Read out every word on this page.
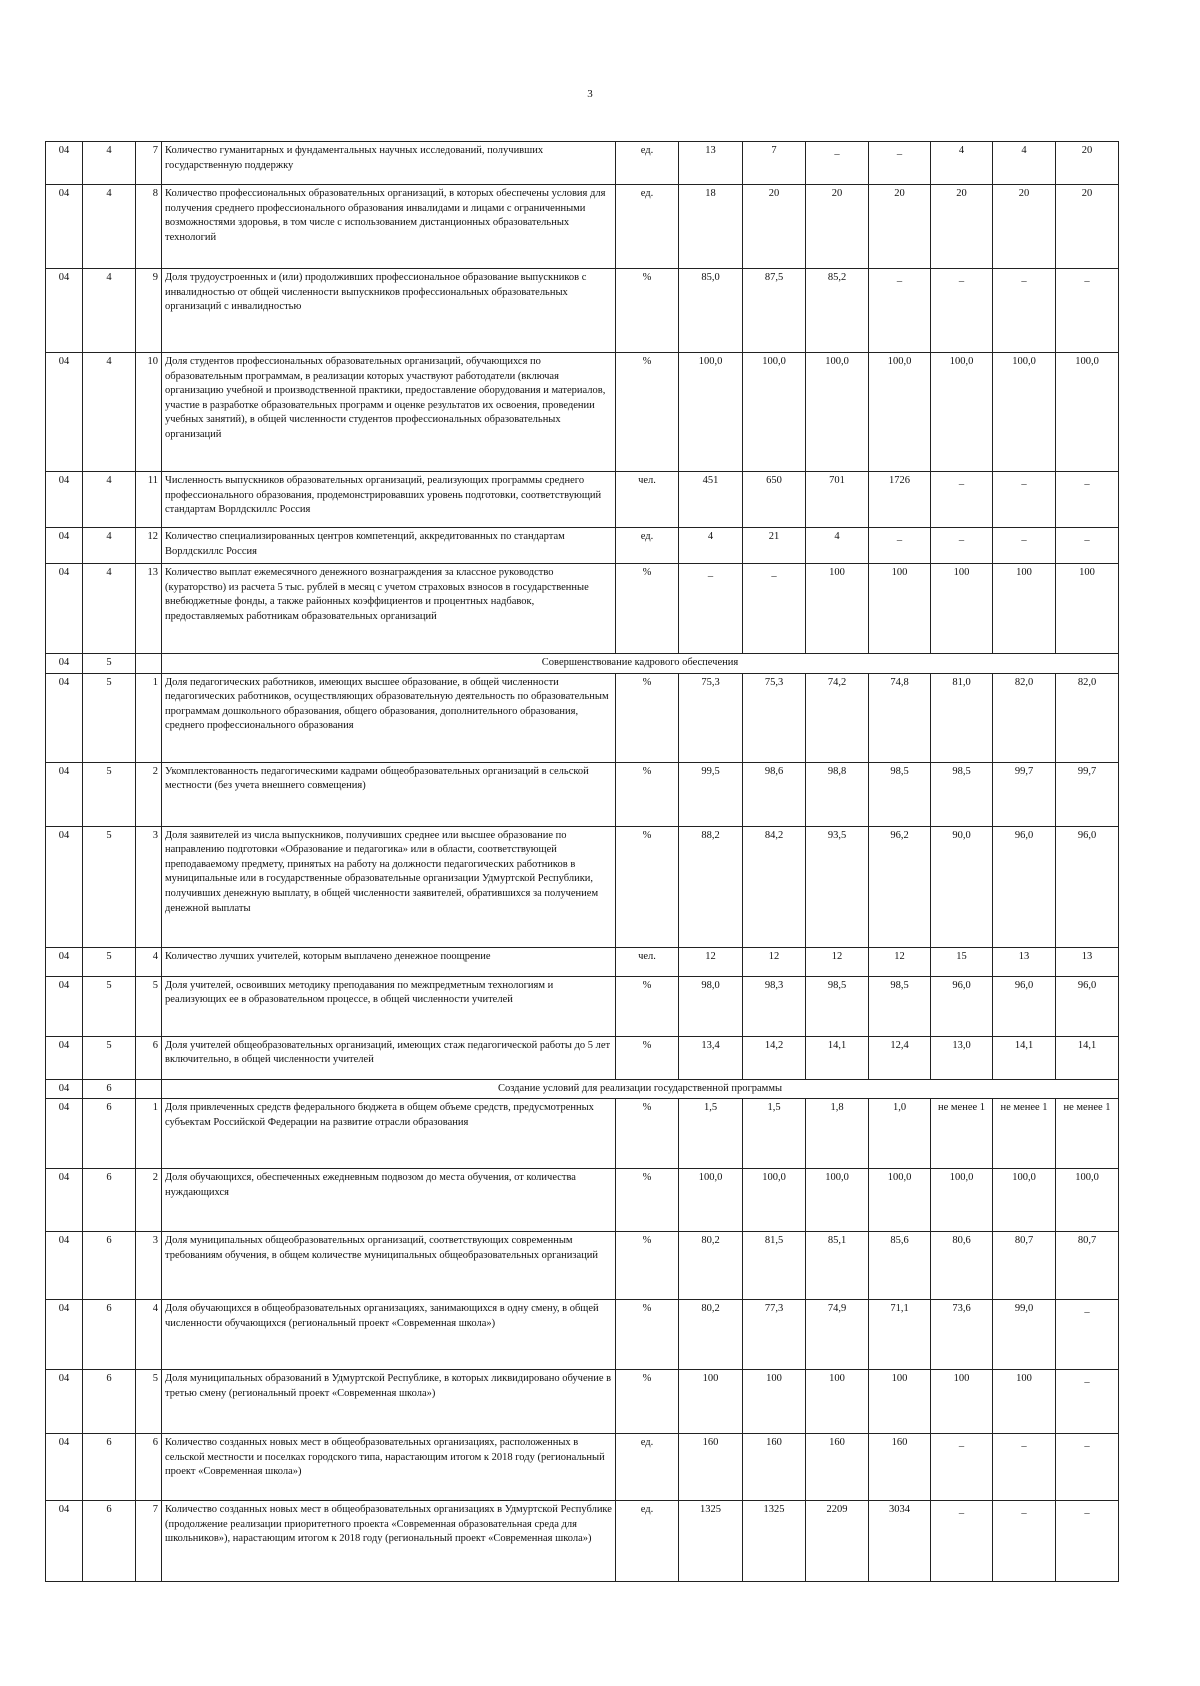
3
04	4	7	Количество гуманитарных и фундаментальных научных исследований, получивших государственную поддержку	ед.	13	7	_	_	4	4	20
04	4	8	Количество профессиональных образовательных организаций, в которых обеспечены условия для получения среднего профессионального образования инвалидами и лицами с ограниченными возможностями здоровья, в том числе с использованием дистанционных образовательных технологий	ед.	18	20	20	20	20	20	20
04	4	9	Доля трудоустроенных и (или) продолживших профессиональное образование выпускников с инвалидностью от общей численности выпускников профессиональных образовательных организаций с инвалидностью	%	85,0	87,5	85,2	_	_	_	_
04	4	10	Доля студентов профессиональных образовательных организаций, обучающихся по образовательным программам, в реализации которых участвуют работодатели (включая организацию учебной и производственной практики, предоставление оборудования и материалов, участие в разработке образовательных программ и оценке результатов их освоения, проведении учебных занятий), в общей численности студентов профессиональных образовательных организаций	%	100,0	100,0	100,0	100,0	100,0	100,0	100,0
04	4	11	Численность выпускников образовательных организаций, реализующих программы среднего профессионального образования, продемонстрировавших уровень подготовки, соответствующий стандартам Ворлдскиллс Россия	чел.	451	650	701	1726	_	_	_
04	4	12	Количество специализированных центров компетенций, аккредитованных по стандартам Ворлдскиллс Россия	ед.	4	21	4	_	_	_	_
04	4	13	Количество выплат ежемесячного денежного вознаграждения за классное руководство (кураторство) из расчета 5 тыс. рублей в месяц с учетом страховых взносов в государственные внебюджетные фонды, а также районных коэффициентов и процентных надбавок, предоставляемых работникам образовательных организаций	%	_	_	100	100	100	100	100
04	5		Совершенствование кадрового обеспечения								
04	5	1	Доля педагогических работников, имеющих высшее образование, в общей численности педагогических работников, осуществляющих образовательную деятельность по образовательным программам дошкольного образования, общего образования, дополнительного образования, среднего профессионального образования	%	75,3	75,3	74,2	74,8	81,0	82,0	82,0
04	5	2	Укомплектованность педагогическими кадрами общеобразовательных организаций в сельской местности (без учета внешнего совмещения)	%	99,5	98,6	98,8	98,5	98,5	99,7	99,7
04	5	3	Доля заявителей из числа выпускников, получивших среднее или высшее образование по направлению подготовки «Образование и педагогика» или в области, соответствующей преподаваемому предмету, принятых на работу на должности педагогических работников в муниципальные или в государственные образовательные организации Удмуртской Республики, получивших денежную выплату, в общей численности заявителей, обратившихся за получением денежной выплаты	%	88,2	84,2	93,5	96,2	90,0	96,0	96,0
04	5	4	Количество лучших учителей, которым выплачено денежное поощрение	чел.	12	12	12	12	15	13	13
04	5	5	Доля учителей, освоивших методику преподавания по межпредметным технологиям и реализующих ее в образовательном процессе, в общей численности учителей	%	98,0	98,3	98,5	98,5	96,0	96,0	96,0
04	5	6	Доля учителей общеобразовательных организаций, имеющих стаж педагогической работы до 5 лет включительно, в общей численности учителей	%	13,4	14,2	14,1	12,4	13,0	14,1	14,1
04	6		Создание условий для реализации государственной программы								
04	6	1	Доля привлеченных средств федерального бюджета в общем объеме средств, предусмотренных субъектам Российской Федерации на развитие отрасли образования	%	1,5	1,5	1,8	1,0	не менее 1	не менее 1	не менее 1
04	6	2	Доля обучающихся, обеспеченных ежедневным подвозом до места обучения, от количества нуждающихся	%	100,0	100,0	100,0	100,0	100,0	100,0	100,0
04	6	3	Доля муниципальных общеобразовательных организаций, соответствующих современным требованиям обучения, в общем количестве муниципальных общеобразовательных организаций	%	80,2	81,5	85,1	85,6	80,6	80,7	80,7
04	6	4	Доля обучающихся в общеобразовательных организациях, занимающихся в одну смену, в общей численности обучающихся (региональный проект «Современная школа»)	%	80,2	77,3	74,9	71,1	73,6	99,0	_
04	6	5	Доля муниципальных образований в Удмуртской Республике, в которых ликвидировано обучение в третью смену (региональный проект «Современная школа»)	%	100	100	100	100	100	100	_
04	6	6	Количество созданных новых мест в общеобразовательных организациях, расположенных в сельской местности и поселках городского типа, нарастающим итогом к 2018 году (региональный проект «Современная школа»)	ед.	160	160	160	160	_	_	_
04	6	7	Количество созданных новых мест в общеобразовательных организациях в Удмуртской Республике (продолжение реализации приоритетного проекта «Современная образовательная среда для школьников»), нарастающим итогом к 2018 году (региональный проект «Современная школа»)	ед.	1325	1325	2209	3034	_	_	_
